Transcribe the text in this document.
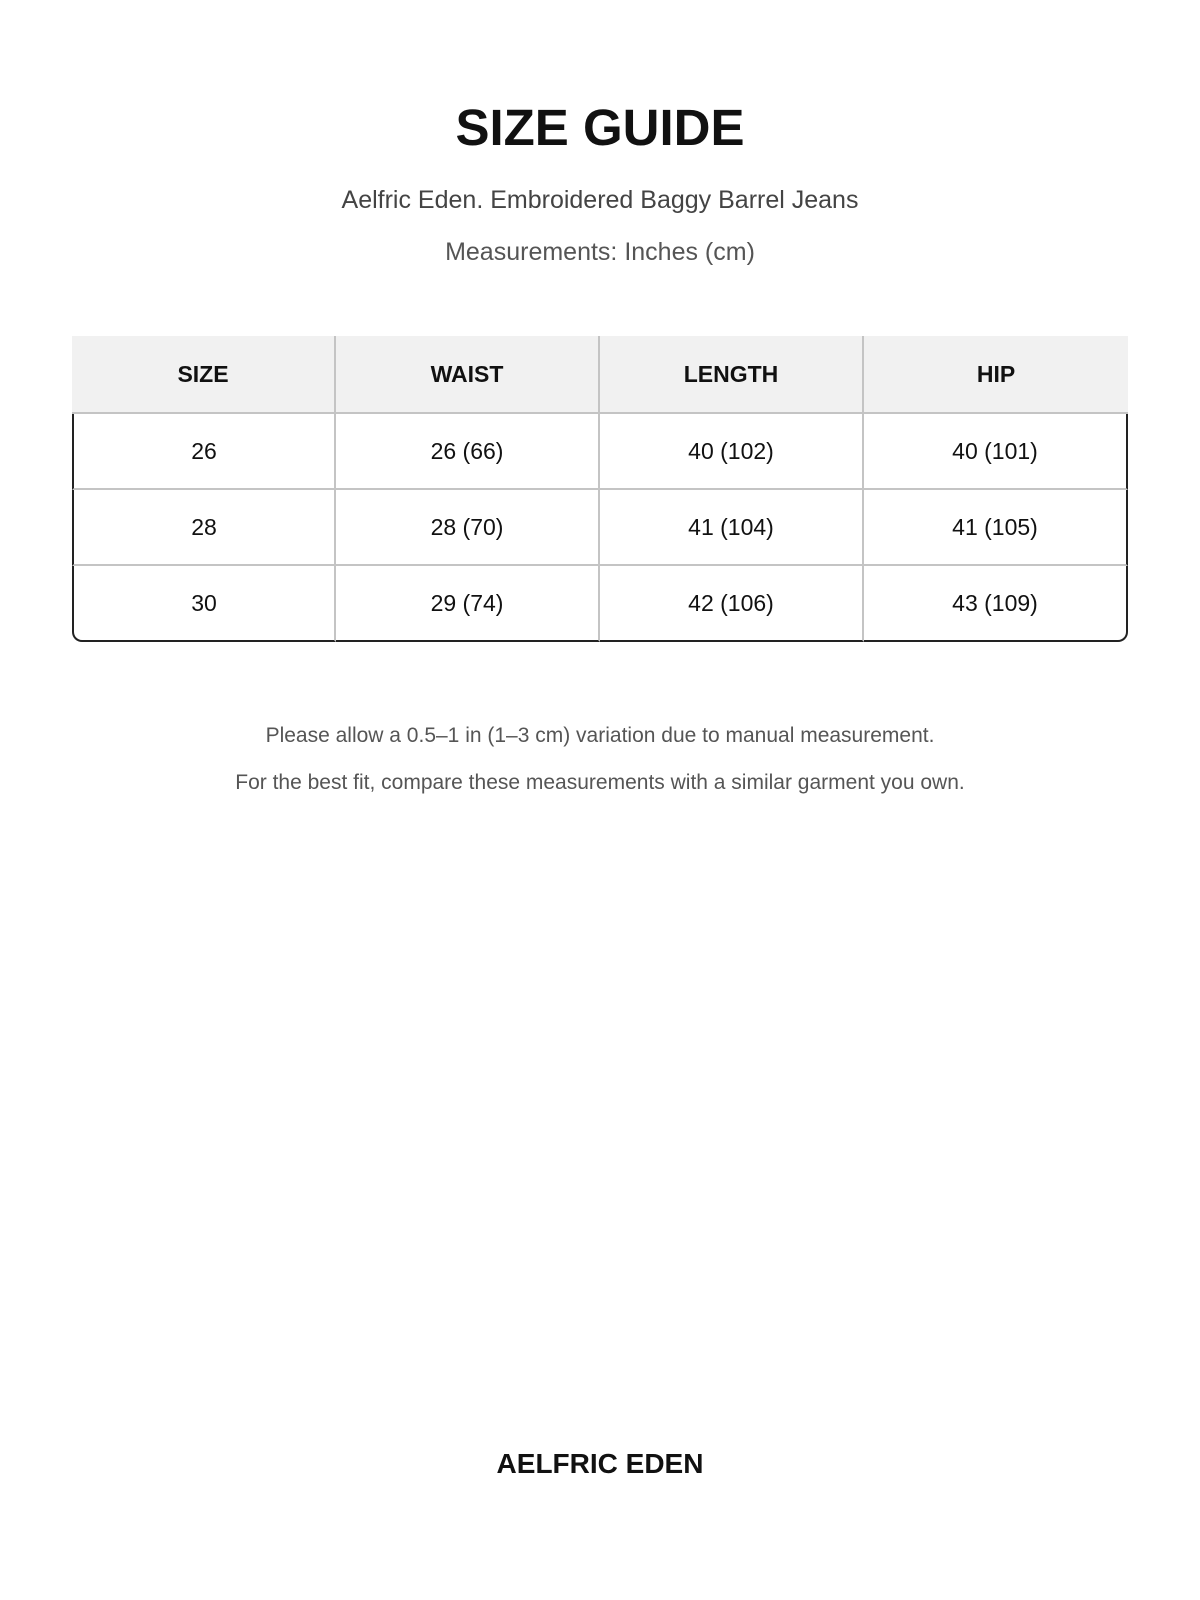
SIZE GUIDE

Aelfric Eden. Embroidered Baggy Barrel Jeans

Measurements: Inches (cm)

SIZE	WAIST	LENGTH	HIP
26	26 (66)	40 (102)	40 (101)
28	28 (70)	41 (104)	41 (105)
30	29 (74)	42 (106)	43 (109)

Please allow a 0.5–1 in (1–3 cm) variation due to manual measurement.

For the best fit, compare these measurements with a similar garment you own.

AELFRIC EDEN
